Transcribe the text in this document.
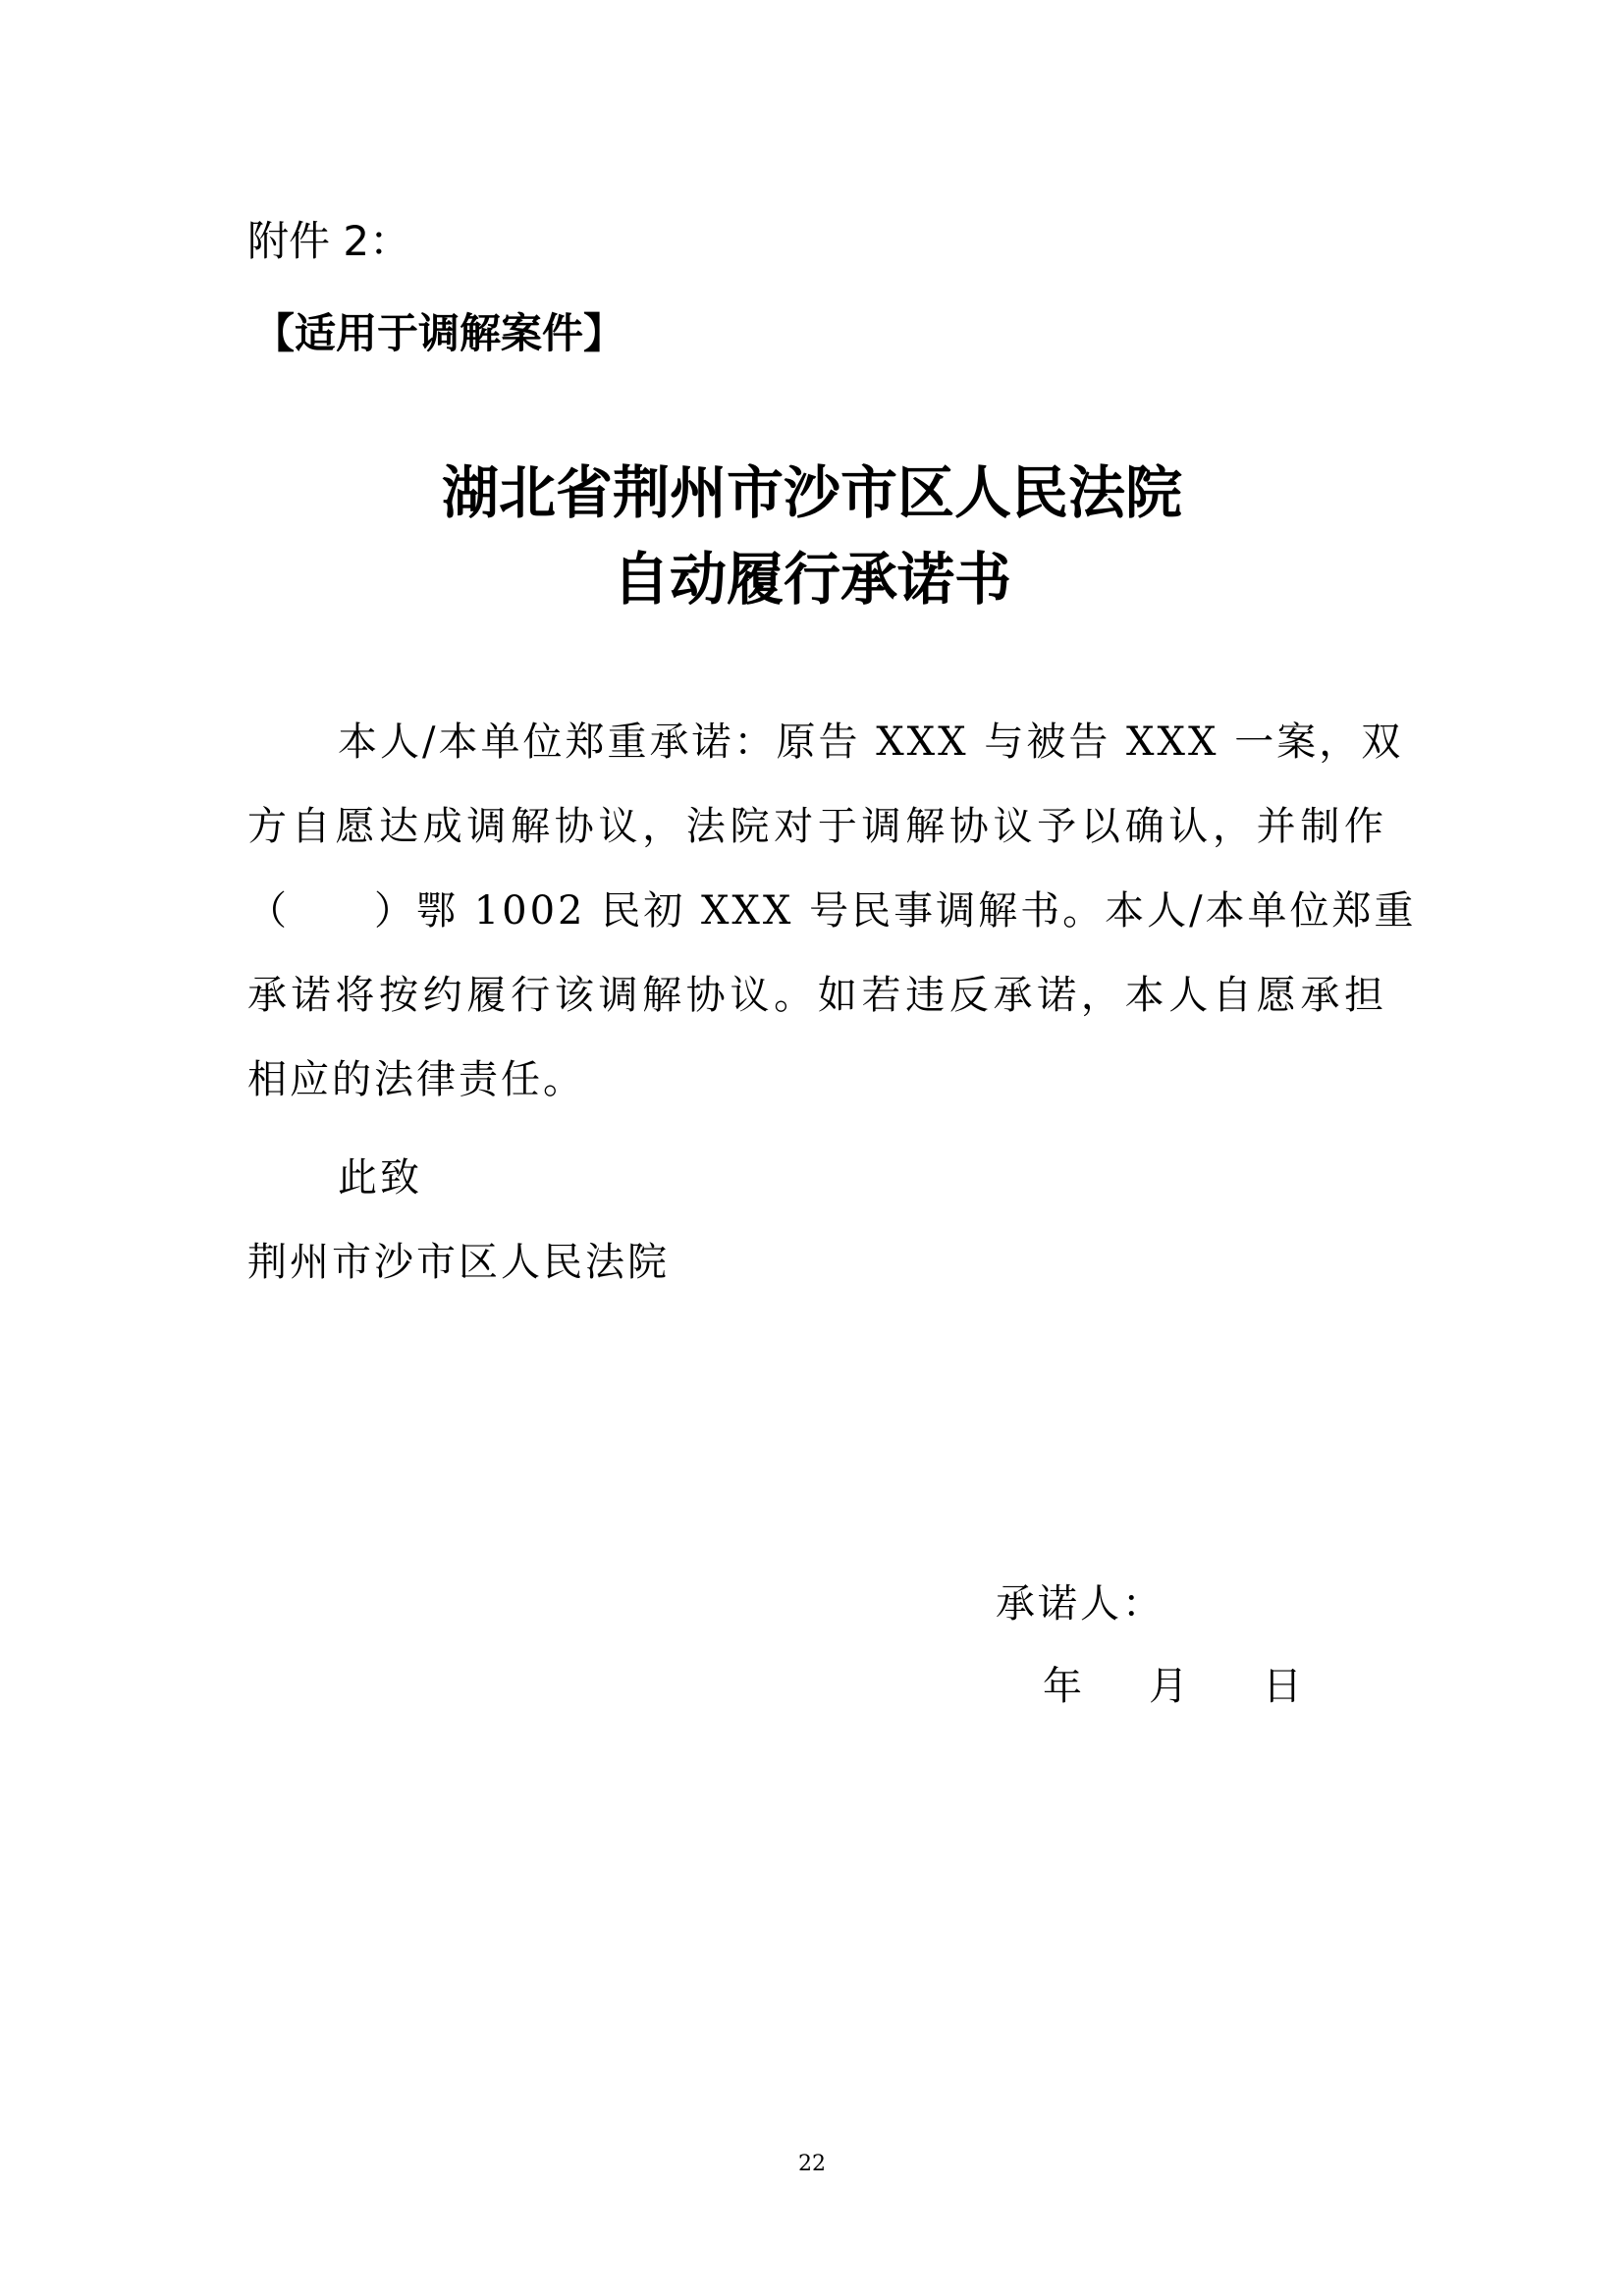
附件 2：
【适用于调解案件】
湖北省荆州市沙市区人民法院
自动履行承诺书
本人/本单位郑重承诺：原告 XXX 与被告 XXX 一案，双
方自愿达成调解协议，法院对于调解协议予以确认，并制作
（　　）鄂 1002 民初 XXX 号民事调解书。本人/本单位郑重
承诺将按约履行该调解协议。如若违反承诺，本人自愿承担
相应的法律责任。
此致
荆州市沙市区人民法院
承诺人：
年 月 日
22
